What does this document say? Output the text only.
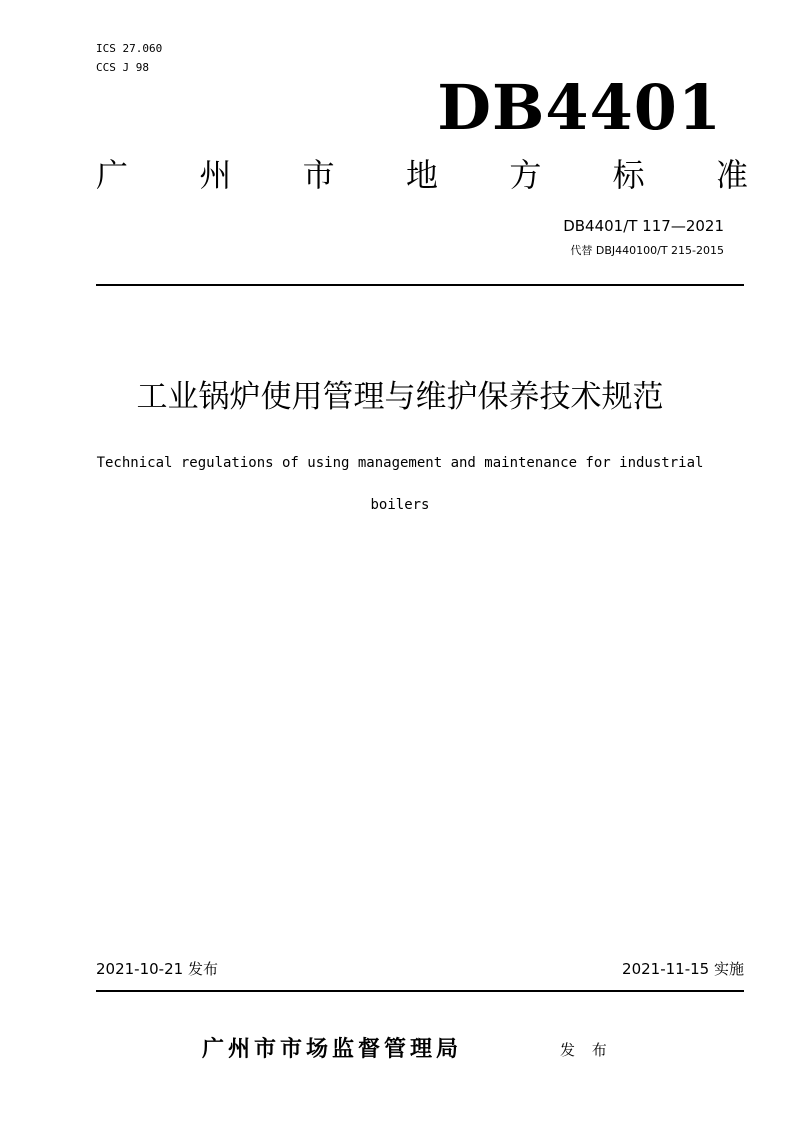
ICS 27.060
CCS J 98
DB4401
广 州 市 地 方 标 准
DB4401/T 117—2021
代替 DBJ440100/T 215-2015
工业锅炉使用管理与维护保养技术规范
Technical regulations of using management and maintenance for industrial
boilers
2021-10-21 发布	2021-11-15 实施
广州市市场监督管理局	发 布
